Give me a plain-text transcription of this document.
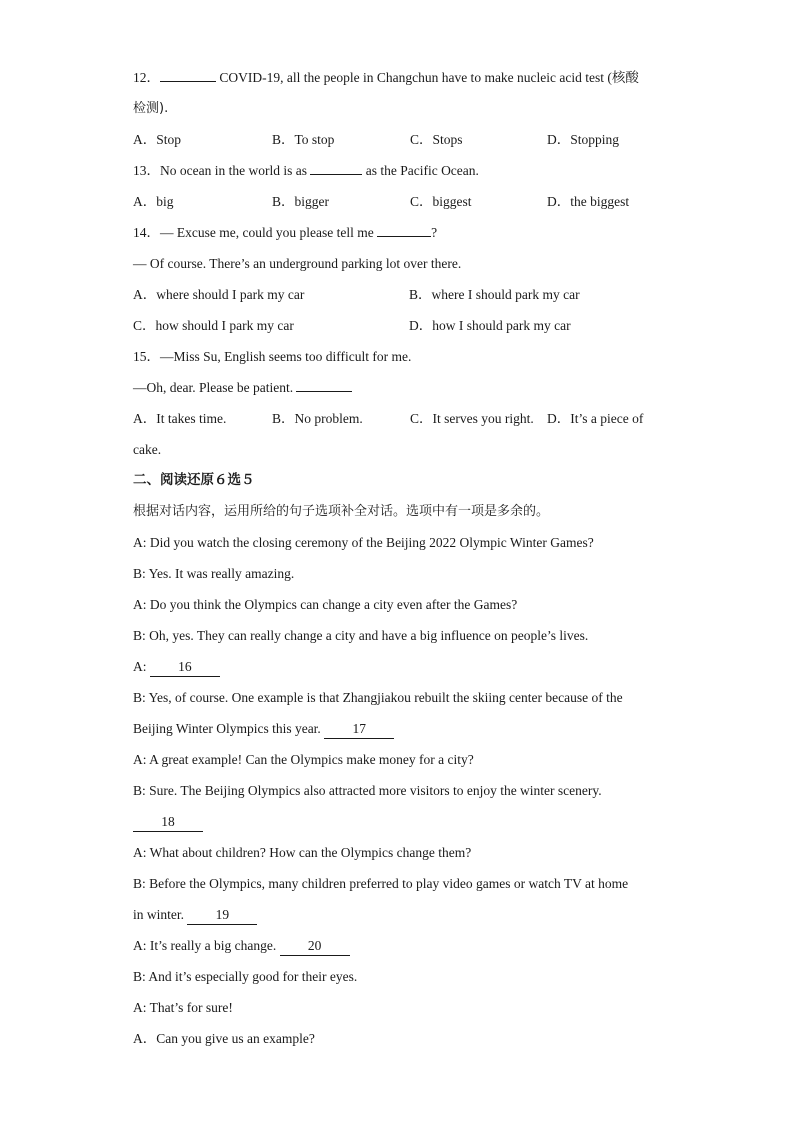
12．	COVID-19, all the people in Changchun have to make nucleic acid test (核酸
检测).
A．Stop	B．To stop	C．Stops	D．Stopping
13．No ocean in the world is as	as the Pacific Ocean.
A．big	B．bigger	C．biggest	D．the biggest
14．— Excuse me, could you please tell me	?
— Of course. There’s an underground parking lot over there.
A．where should I park my car	B．where I should park my car
C．how should I park my car	D．how I should park my car
15．—Miss Su, English seems too difficult for me.
—Oh, dear. Please be patient.
A．It takes time.	B．No problem.	C．It serves you right. D．It’s a piece of
cake.
二、阅读还原６选５
根据对话内容，运用所给的句子选项补全对话。选项中有一项是多余的。
A: Did you watch the closing ceremony of the Beijing 2022 Olympic Winter Games?
B: Yes. It was really amazing.
A: Do you think the Olympics can change a city even after the Games?
B: Oh, yes. They can really change a city and have a big influence on people’s lives.
A: 16
B: Yes, of course. One example is that Zhangjiakou rebuilt the skiing center because of the
Beijing Winter Olympics this year. 17
A: A great example! Can the Olympics make money for a city?
B: Sure. The Beijing Olympics also attracted more visitors to enjoy the winter scenery.
18
A: What about children? How can the Olympics change them?
B: Before the Olympics, many children preferred to play video games or watch TV at home
in winter. 19
A: It’s really a big change. 20
B: And it’s especially good for their eyes.
A: That’s for sure!
A．Can you give us an example?
